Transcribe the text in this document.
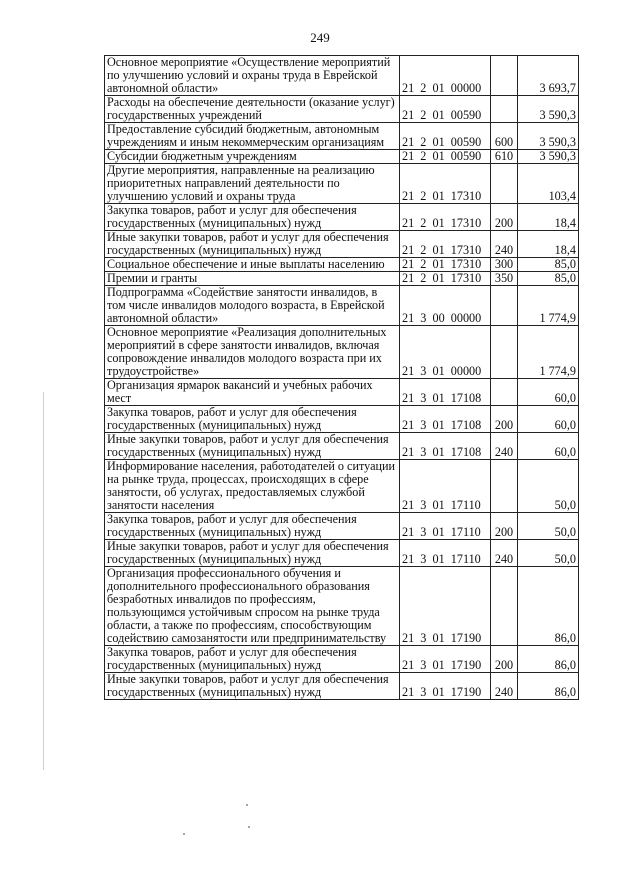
249
Основное мероприятие «Осуществление мероприятий по улучшению условий и охраны труда в Еврейской автономной области»	21  2  01  00000		3 693,7
Расходы на обеспечение деятельности (оказание услуг) государственных учреждений	21  2  01  00590		3 590,3
Предоставление субсидий бюджетным, автономным учреждениям и иным некоммерческим организациям	21  2  01  00590	600	3 590,3
Субсидии бюджетным учреждениям	21  2  01  00590	610	3 590,3
Другие мероприятия, направленные на реализацию приоритетных направлений деятельности по улучшению условий и охраны труда	21  2  01  17310		103,4
Закупка товаров, работ и услуг для обеспечения государственных (муниципальных) нужд	21  2  01  17310	200	18,4
Иные закупки товаров, работ и услуг для обеспечения государственных (муниципальных) нужд	21  2  01  17310	240	18,4
Социальное обеспечение и иные выплаты населению	21  2  01  17310	300	85,0
Премии и гранты	21  2  01  17310	350	85,0
Подпрограмма «Содействие занятости инвалидов, в том числе инвалидов молодого возраста, в Еврейской автономной области»	21  3  00  00000		1 774,9
Основное мероприятие «Реализация дополнительных мероприятий в сфере занятости инвалидов, включая сопровождение инвалидов молодого возраста при их трудоустройстве»	21  3  01  00000		1 774,9
Организация ярмарок вакансий и учебных рабочих мест	21  3  01  17108		60,0
Закупка товаров, работ и услуг для обеспечения государственных (муниципальных) нужд	21  3  01  17108	200	60,0
Иные закупки товаров, работ и услуг для обеспечения государственных (муниципальных) нужд	21  3  01  17108	240	60,0
Информирование населения, работодателей о ситуации на рынке труда, процессах, происходящих в сфере занятости, об услугах, предоставляемых службой занятости населения	21  3  01  17110		50,0
Закупка товаров, работ и услуг для обеспечения государственных (муниципальных) нужд	21  3  01  17110	200	50,0
Иные закупки товаров, работ и услуг для обеспечения государственных (муниципальных) нужд	21  3  01  17110	240	50,0
Организация профессионального обучения и дополнительного профессионального образования безработных инвалидов по профессиям, пользующимся устойчивым спросом на рынке труда области, а также по профессиям, способствующим содействию самозанятости или предпринимательству	21  3  01  17190		86,0
Закупка товаров, работ и услуг для обеспечения государственных (муниципальных) нужд	21  3  01  17190	200	86,0
Иные закупки товаров, работ и услуг для обеспечения государственных (муниципальных) нужд	21  3  01  17190	240	86,0
